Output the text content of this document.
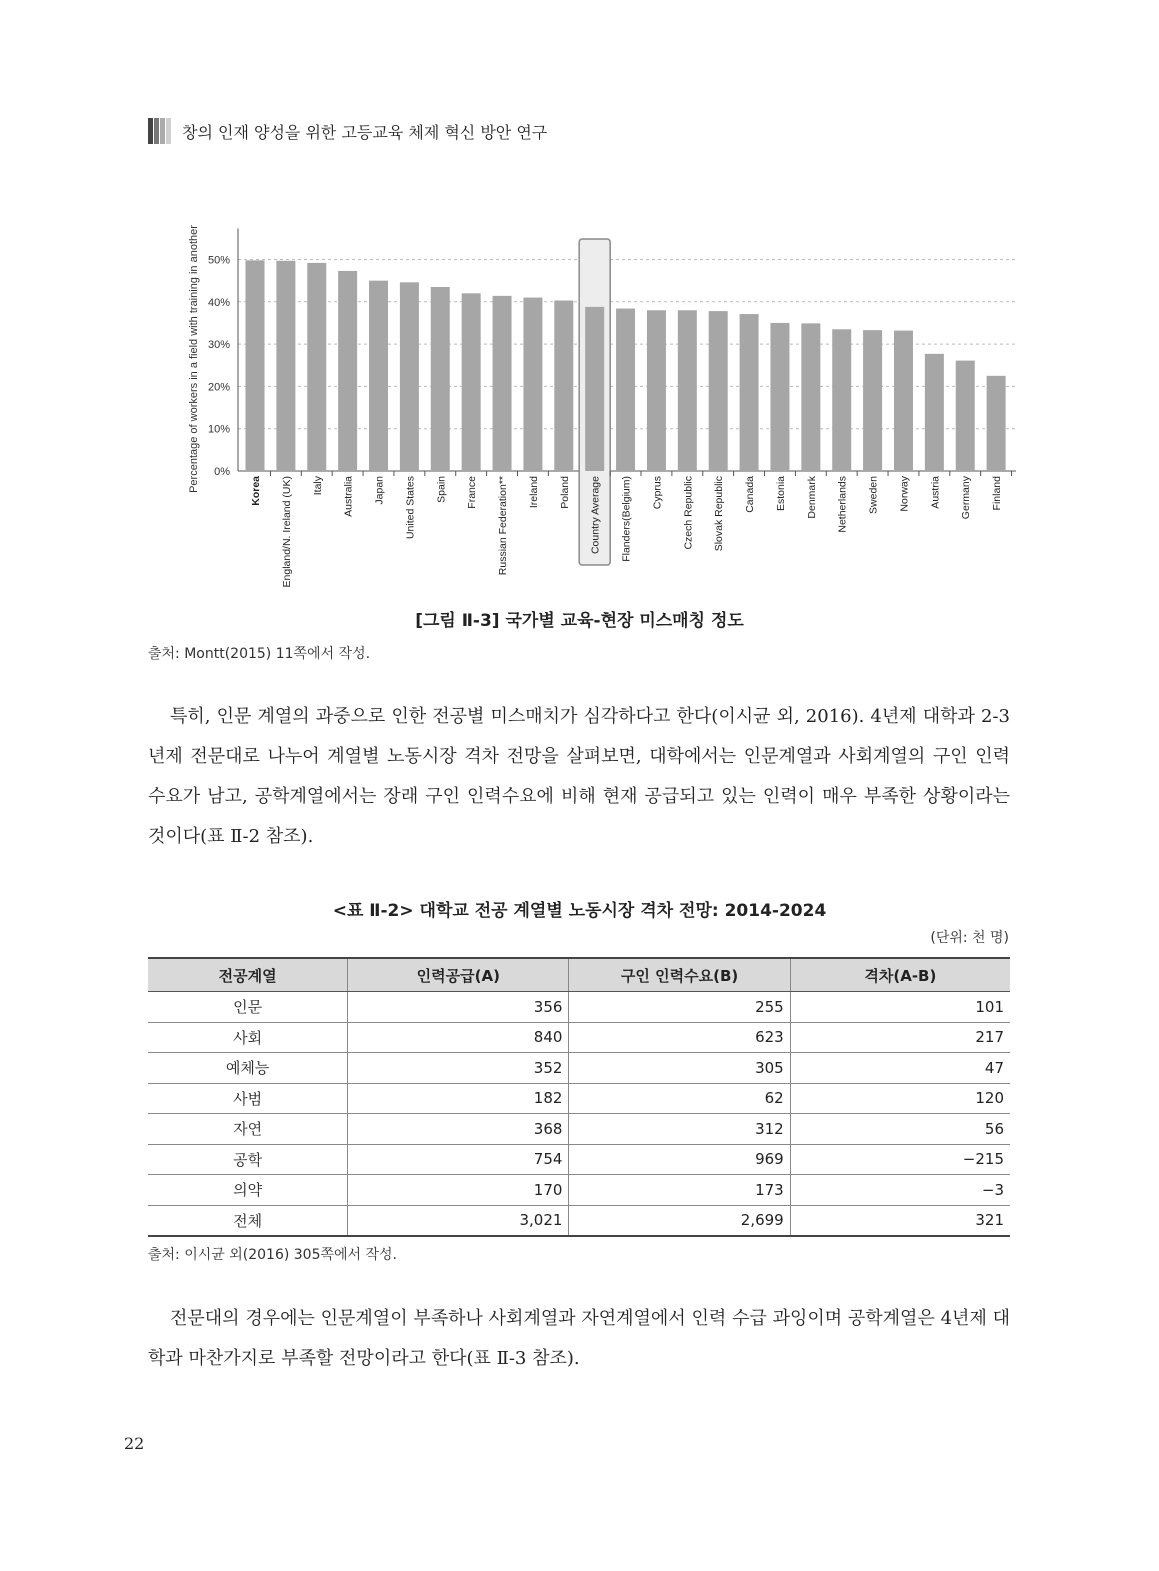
창의 인재 양성을 위한 고등교육 체제 혁신 방안 연구
Percentage of workers in a field with training in another 0%
10%
20%
30%
40%
50%
Korea England/N. Ireland (UK) Italy Australia Japan United States Spain France Russian Federation** Ireland Poland Country Average Flanders(Belgium) Cyprus Czech Republic Slovak Republic Canada Estonia Denmark Netherlands Sweden Norway Austria Germany Finland
[그림 Ⅱ-3] 국가별 교육-현장 미스매칭 정도
출처: Montt(2015) 11쪽에서 작성.
특히, 인문 계열의 과중으로 인한 전공별 미스매치가 심각하다고 한다(이시균 외, 2016). 4년제 대학과 2-3년제 전문대로 나누어 계열별 노동시장 격차 전망을 살펴보면, 대학에서는 인문계열과 사회계열의 구인 인력 수요가 남고, 공학계열에서는 장래 구인 인력수요에 비해 현재 공급되고 있는 인력이 매우 부족한 상황이라는 것이다(표 Ⅱ-2 참조).
<표 Ⅱ-2> 대학교 전공 계열별 노동시장 격차 전망: 2014-2024
(단위: 천 명)
전공계열	인력공급(A)	구인 인력수요(B)	격차(A-B)
인문	356	255	101
사회	840	623	217
예체능	352	305	47
사범	182	62	120
자연	368	312	56
공학	754	969	−215
의약	170	173	−3
전체	3,021	2,699	321
출처: 이시균 외(2016) 305쪽에서 작성.
전문대의 경우에는 인문계열이 부족하나 사회계열과 자연계열에서 인력 수급 과잉이며 공학계열은 4년제 대학과 마찬가지로 부족할 전망이라고 한다(표 Ⅱ-3 참조).
22
